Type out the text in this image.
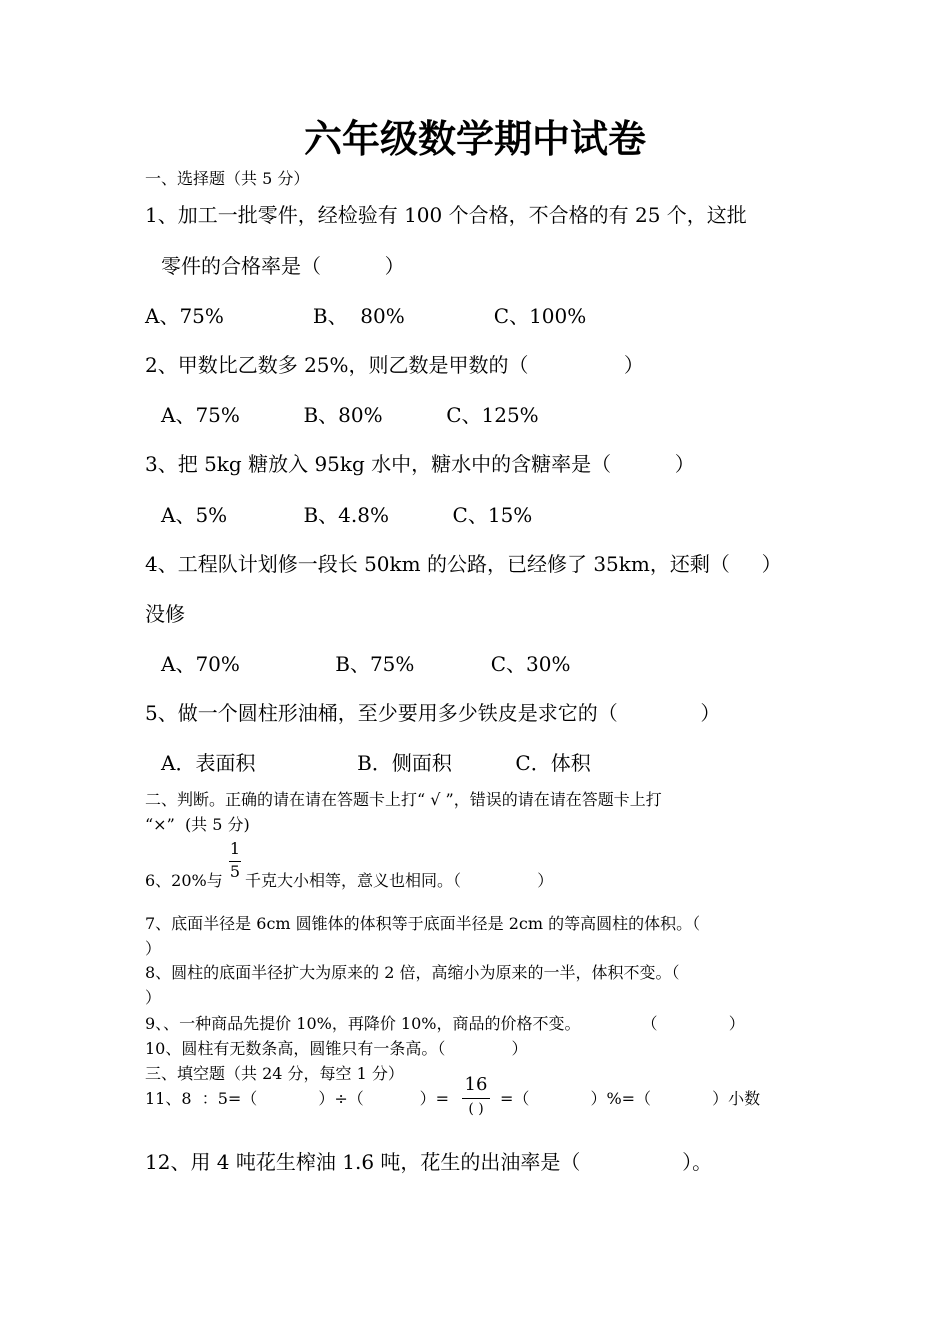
六年级数学期中试卷
一、选择题（共 5 分）
1、加工一批零件，经检验有 100 个合格，不合格的有 25 个，这批
零件的合格率是（          ）
A、75%              B、  80%              C、100%
2、甲数比乙数多 25%，则乙数是甲数的（               ）
A、75%          B、80%          C、125%
3、把 5kg 糖放入 95kg 水中，糖水中的含糖率是（          ）
A、5%            B、4.8%          C、15%
4、工程队计划修一段长 50km 的公路，已经修了 35km，还剩（     ）
没修
A、70%               B、75%            C、30%
5、做一个圆柱形油桶，至少要用多少铁皮是求它的（             ）
A．表面积                B．侧面积          C．体积
二、判断。正确的请在请在答题卡上打“ √ ”，错误的请在请在答题卡上打
“×”  (共 5 分)
6、20%与
1
5 千克大小相等，意义也相同。（               ）
7、底面半径是 6cm 圆锥体的体积等于底面半径是 2cm 的等高圆柱的体积。（
）
8、圆柱的底面半径扩大为原来的 2 倍，高缩小为原来的一半，体积不变。（
）
9、、一种商品先提价 10%，再降价 10%，商品的价格不变。            （              ）
10、圆柱有无数条高，圆锥只有一条高。（             ）
三、填空题（共 24 分，每空 1 分）
11、8  ：5=（            ）÷（           ）=
16
( )
=（            ）%=（            ）小数
12、用 4 吨花生榨油 1.6 吨，花生的出油率是（                ）。
